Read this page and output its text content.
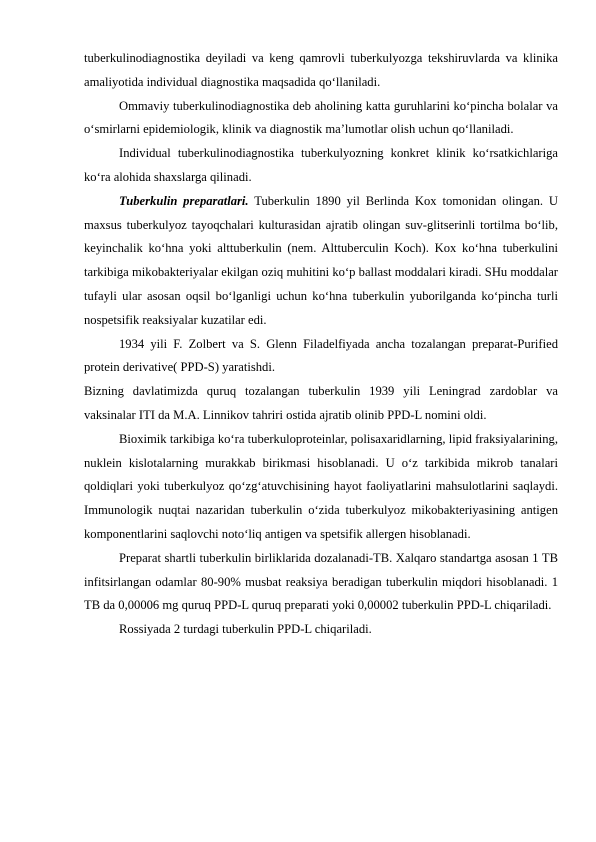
tuberkulinodiagnostika deyiladi va keng qamrovli tuberkulyozga tekshiruvlarda va klinika amaliyotida individual diagnostika maqsadida qo‘llaniladi.

Ommaviy tuberkulinodiagnostika deb aholining katta guruhlarini ko‘pincha bolalar va o‘smirlarni epidemiologik, klinik va diagnostik ma’lumotlar olish uchun qo‘llaniladi.

Individual tuberkulinodiagnostika tuberkulyozning konkret klinik ko‘rsatkichlariga ko‘ra alohida shaxslarga qilinadi.

Tuberkulin preparatlari. Tuberkulin 1890 yil Berlinda Kox tomonidan olingan. U maxsus tuberkulyoz tayoqchalari kulturasidan ajratib olingan suv-glitserinli tortilma bo‘lib, keyinchalik ko‘hna yoki alttuberkulin (nem. Alttuberculin Koch). Kox ko‘hna tuberkulini tarkibiga mikobakteriyalar ekilgan oziq muhitini ko‘p ballast moddalari kiradi. SHu moddalar tufayli ular asosan oqsil bo‘lganligi uchun ko‘hna tuberkulin yuborilganda ko‘pincha turli nospetsifik reaksiyalar kuzatilar edi.

1934 yili F. Zolbert va S. Glenn Filadelfiyada ancha tozalangan preparat-Purified protein derivative( PPD-S) yaratishdi.

Bizning davlatimizda quruq tozalangan tuberkulin 1939 yili Leningrad zardoblar va vaksinalar ITI da M.A. Linnikov tahriri ostida ajratib olinib PPD-L nomini oldi.

Bioximik tarkibiga ko‘ra tuberkuloproteinlar, polisaxaridlarning, lipid fraksiyalarining, nuklein kislotalarning murakkab birikmasi hisoblanadi. U o‘z tarkibida mikrob tanalari qoldiqlari yoki tuberkulyoz qo‘zg‘atuvchisining hayot faoliyatlarini mahsulotlarini saqlaydi. Immunologik nuqtai nazaridan tuberkulin o‘zida tuberkulyoz mikobakteriyasining antigen komponentlarini saqlovchi noto‘liq antigen va spetsifik allergen hisoblanadi.

Preparat shartli tuberkulin birliklarida dozalanadi-TB. Xalqaro standartga asosan 1 TB infitsirlangan odamlar 80-90% musbat reaksiya beradigan tuberkulin miqdori hisoblanadi. 1 TB da 0,00006 mg quruq PPD-L quruq preparati yoki 0,00002 tuberkulin PPD-L chiqariladi.

Rossiyada 2 turdagi tuberkulin PPD-L chiqariladi.
